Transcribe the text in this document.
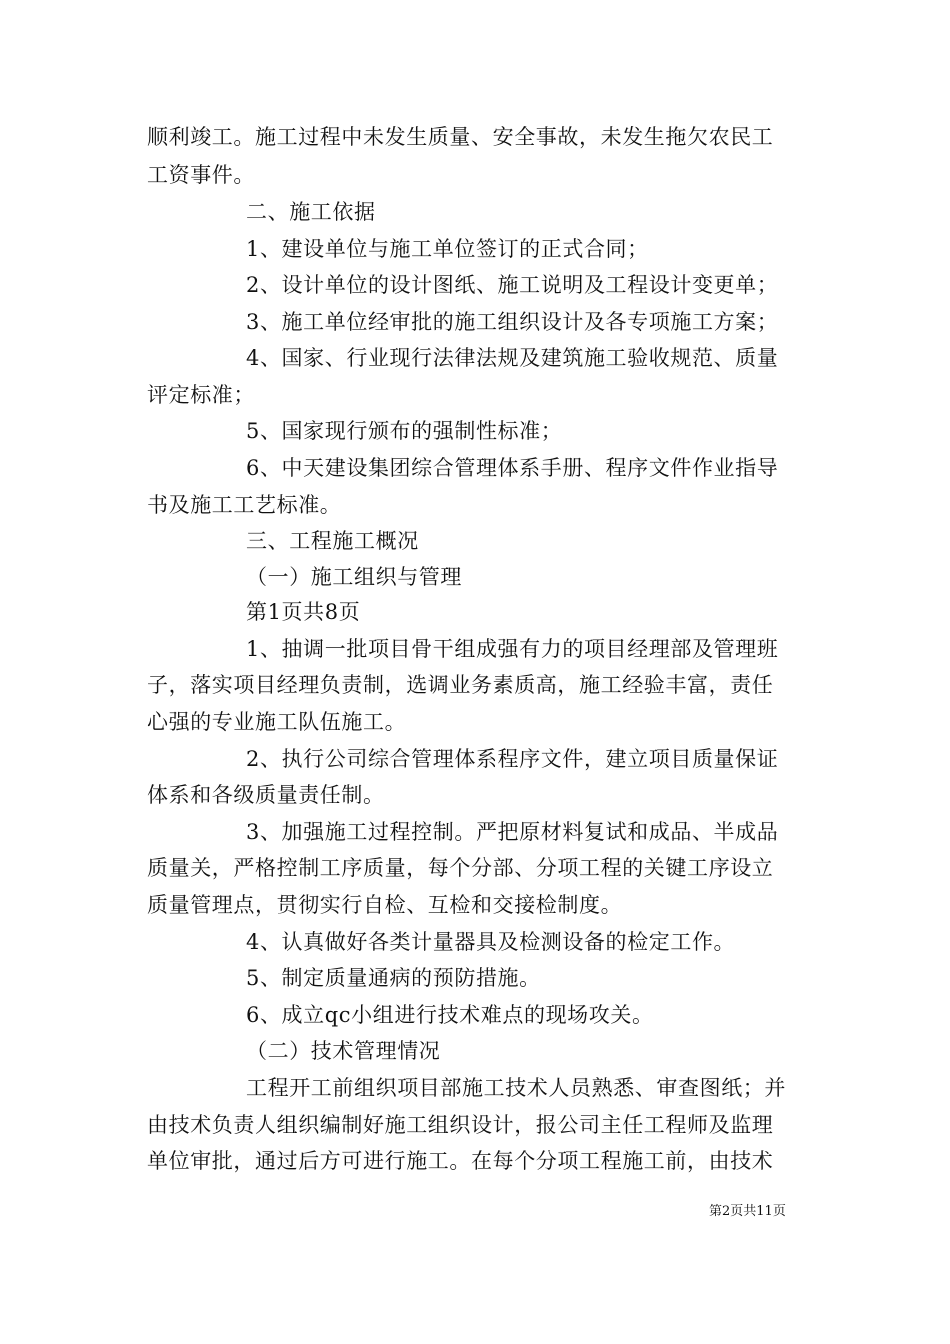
顺利竣工。施工过程中未发生质量、安全事故，未发生拖欠农民工
工资事件。
二、施工依据
1、建设单位与施工单位签订的正式合同；
2、设计单位的设计图纸、施工说明及工程设计变更单；
3、施工单位经审批的施工组织设计及各专项施工方案；
4、国家、行业现行法律法规及建筑施工验收规范、质量
评定标准；
5、国家现行颁布的强制性标准；
6、中天建设集团综合管理体系手册、程序文件作业指导
书及施工工艺标准。
三、工程施工概况
（一）施工组织与管理
第1页共8页
1、抽调一批项目骨干组成强有力的项目经理部及管理班
子，落实项目经理负责制，选调业务素质高，施工经验丰富，责任
心强的专业施工队伍施工。
2、执行公司综合管理体系程序文件，建立项目质量保证
体系和各级质量责任制。
3、加强施工过程控制。严把原材料复试和成品、半成品
质量关，严格控制工序质量，每个分部、分项工程的关键工序设立
质量管理点，贯彻实行自检、互检和交接检制度。
4、认真做好各类计量器具及检测设备的检定工作。
5、制定质量通病的预防措施。
6、成立qc小组进行技术难点的现场攻关。
（二）技术管理情况
工程开工前组织项目部施工技术人员熟悉、审查图纸；并
由技术负责人组织编制好施工组织设计，报公司主任工程师及监理
单位审批，通过后方可进行施工。在每个分项工程施工前，由技术
第2页共11页
